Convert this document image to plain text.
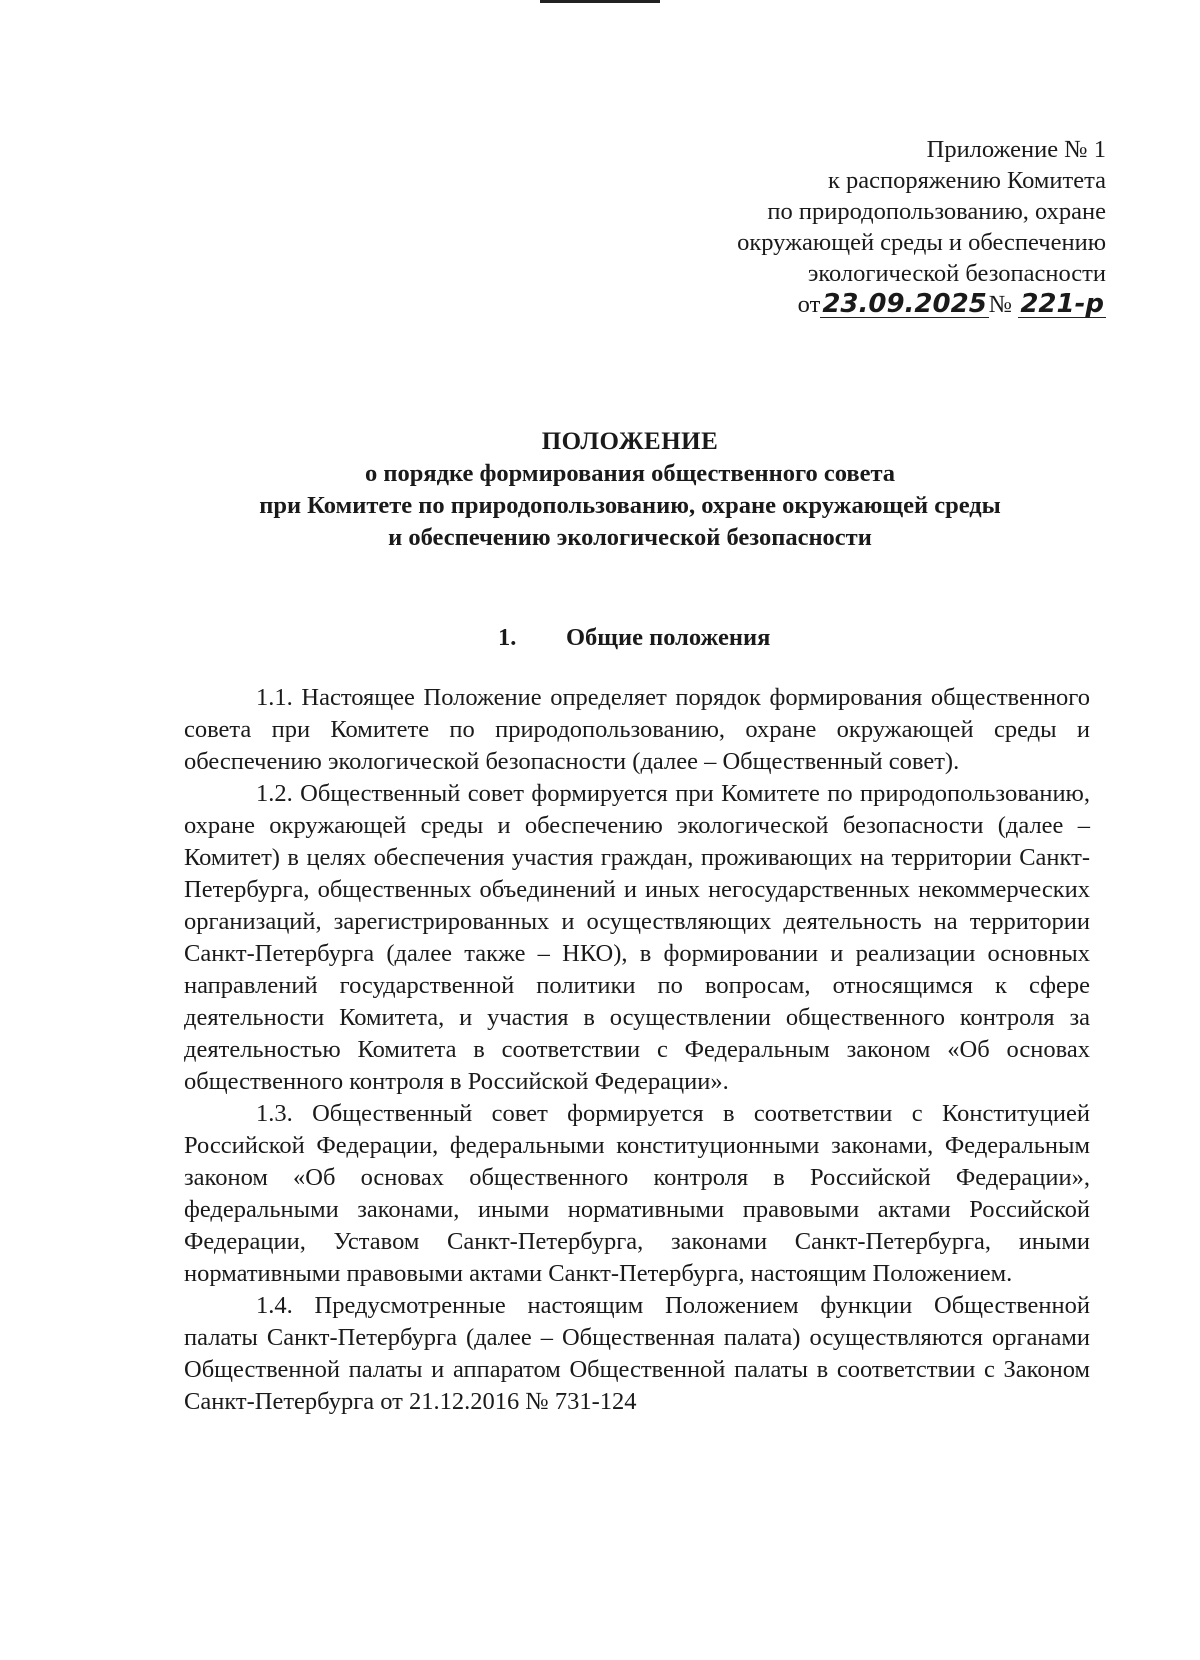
Приложение № 1
к распоряжению Комитета
по природопользованию, охране
окружающей среды и обеспечению
экологической безопасности
от23.09.2025№ 221-р
ПОЛОЖЕНИЕ
о порядке формирования общественного совета
при Комитете по природопользованию, охране окружающей среды
и обеспечению экологической безопасности
1. Общие положения

1.1. Настоящее Положение определяет порядок формирования общественного совета при Комитете по природопользованию, охране окружающей среды и обеспечению экологической безопасности (далее – Общественный совет).

1.2. Общественный совет формируется при Комитете по природопользованию, охране окружающей среды и обеспечению экологической безопасности (далее – Комитет) в целях обеспечения участия граждан, проживающих на территории Санкт-Петербурга, общественных объединений и иных негосударственных некоммерческих организаций, зарегистрированных и осуществляющих деятельность на территории Санкт-Петербурга (далее также – НКО), в формировании и реализации основных направлений государственной политики по вопросам, относящимся к сфере деятельности Комитета, и участия в осуществлении общественного контроля за деятельностью Комитета в соответствии с Федеральным законом «Об основах общественного контроля в Российской Федерации».

1.3. Общественный совет формируется в соответствии с Конституцией Российской Федерации, федеральными конституционными законами, Федеральным законом «Об основах общественного контроля в Российской Федерации», федеральными законами, иными нормативными правовыми актами Российской Федерации, Уставом Санкт-Петербурга, законами Санкт-Петербурга, иными нормативными правовыми актами Санкт-Петербурга, настоящим Положением.

1.4. Предусмотренные настоящим Положением функции Общественной палаты Санкт-Петербурга (далее – Общественная палата) осуществляются органами Общественной палаты и аппаратом Общественной палаты в соответствии с Законом Санкт-Петербурга от 21.12.2016 № 731-124
